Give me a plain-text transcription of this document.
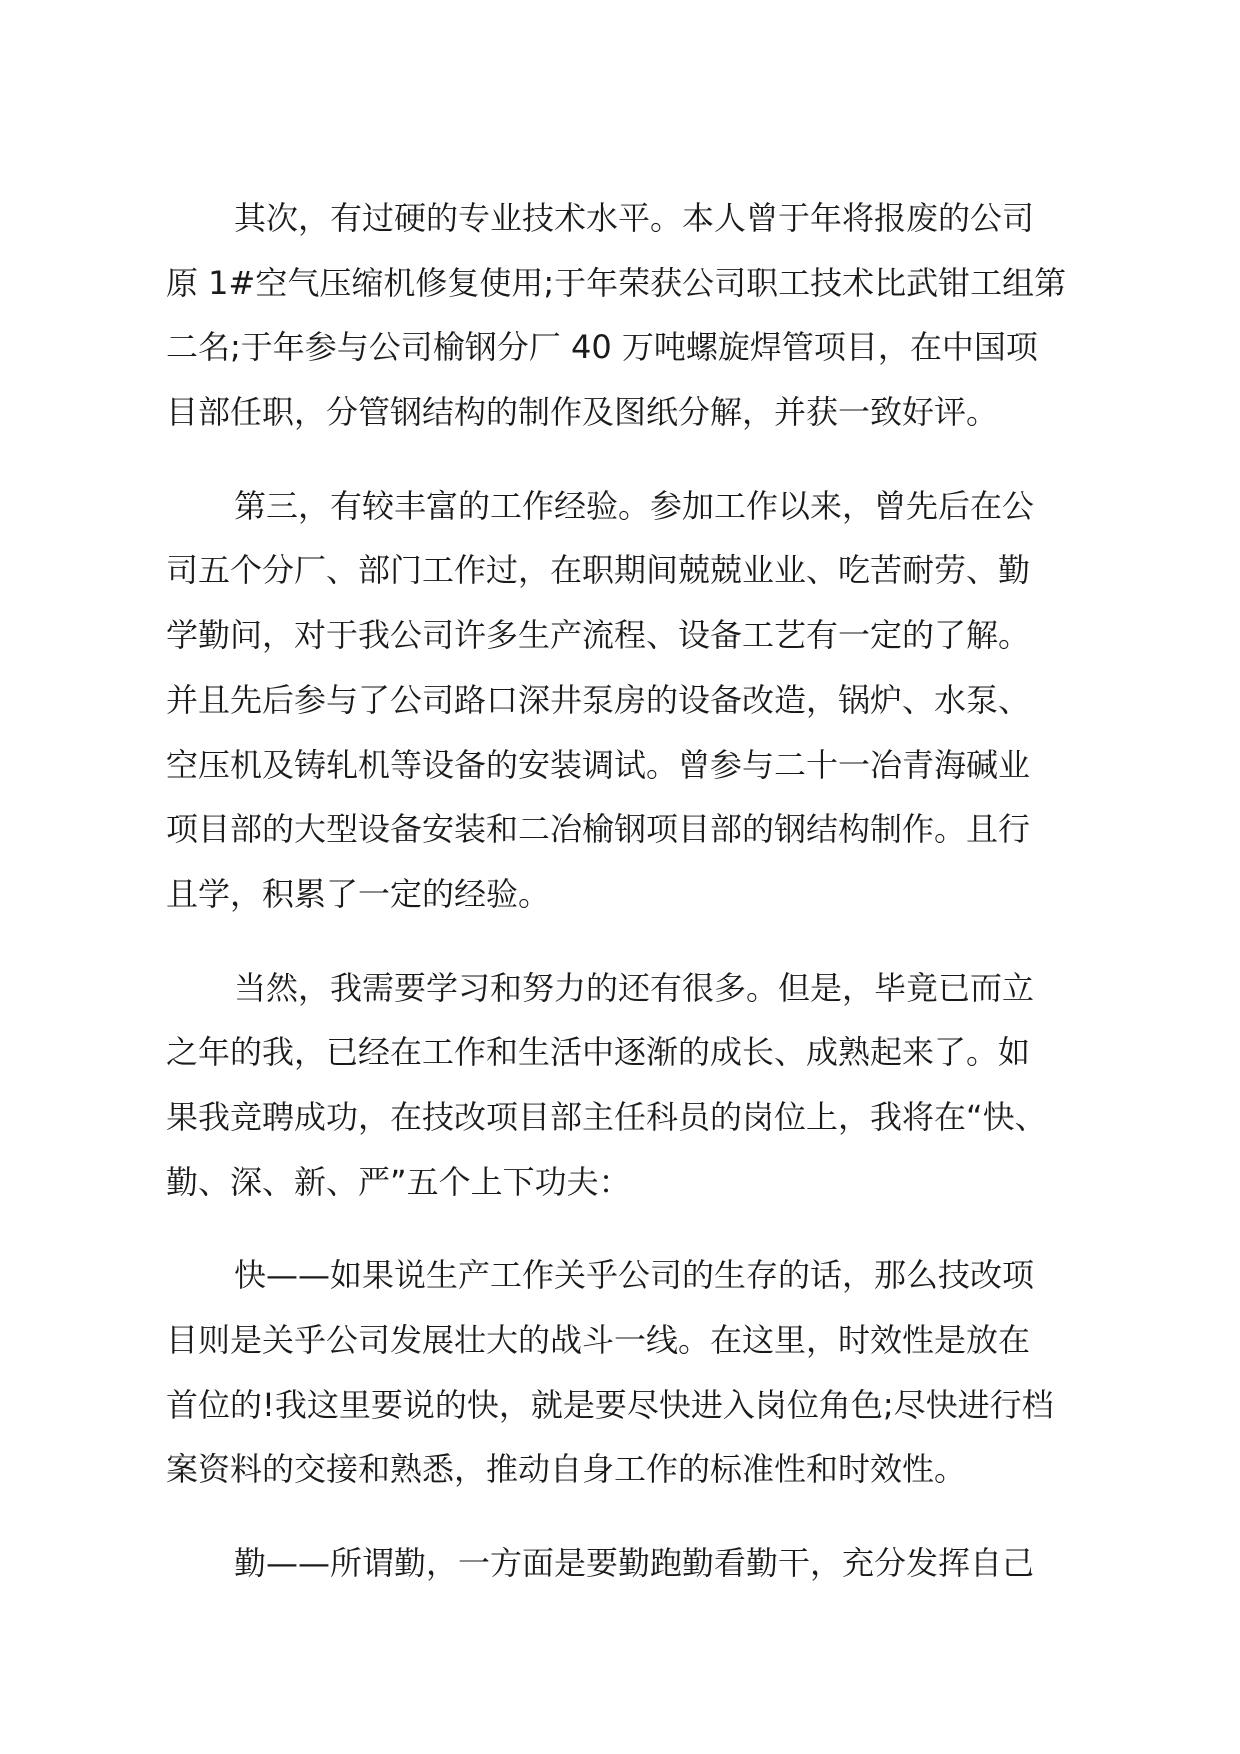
其次，有过硬的专业技术水平。本人曾于年将报废的公司
原 1#空气压缩机修复使用;于年荣获公司职工技术比武钳工组第
二名;于年参与公司榆钢分厂 40 万吨螺旋焊管项目，在中国项
目部任职，分管钢结构的制作及图纸分解，并获一致好评。
第三，有较丰富的工作经验。参加工作以来，曾先后在公
司五个分厂、部门工作过，在职期间兢兢业业、吃苦耐劳、勤
学勤问，对于我公司许多生产流程、设备工艺有一定的了解。
并且先后参与了公司路口深井泵房的设备改造，锅炉、水泵、
空压机及铸轧机等设备的安装调试。曾参与二十一冶青海碱业
项目部的大型设备安装和二冶榆钢项目部的钢结构制作。且行
且学，积累了一定的经验。
当然，我需要学习和努力的还有很多。但是，毕竟已而立
之年的我，已经在工作和生活中逐渐的成长、成熟起来了。如
果我竞聘成功，在技改项目部主任科员的岗位上，我将在“快、
勤、深、新、严”五个上下功夫：
快——如果说生产工作关乎公司的生存的话，那么技改项
目则是关乎公司发展壮大的战斗一线。在这里，时效性是放在
首位的!我这里要说的快，就是要尽快进入岗位角色;尽快进行档
案资料的交接和熟悉，推动自身工作的标准性和时效性。
勤——所谓勤，一方面是要勤跑勤看勤干，充分发挥自己
